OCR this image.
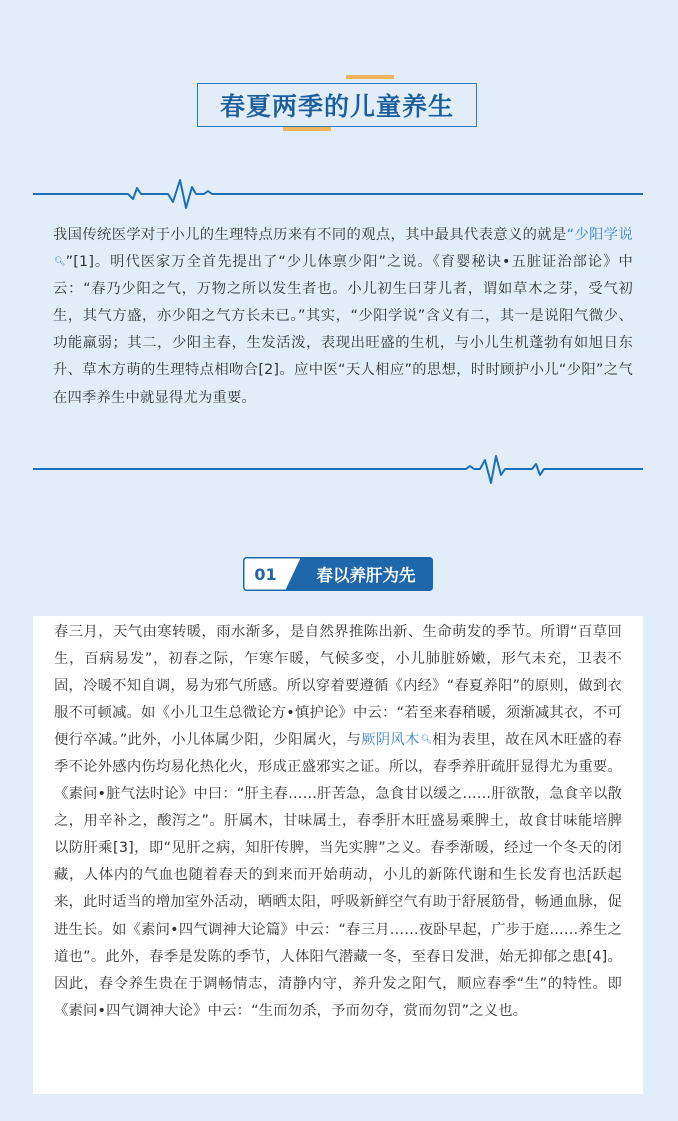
春夏两季的儿童养生

我国传统医学对于小儿的生理特点历来有不同的观点，其中最具代表意义的就是“少阳学说🔍︎”[1]。明代医家万全首先提出了“少儿体禀少阳”之说。《育婴秘诀•五脏证治部论》中云：“春乃少阳之气，万物之所以发生者也。小儿初生曰芽儿者，谓如草木之芽，受气初生，其气方盛，亦少阳之气方长未已。”其实，“少阳学说”含义有二，其一是说阳气微少、功能羸弱；其二，少阳主春，生发活泼，表现出旺盛的生机，与小儿生机蓬勃有如旭日东升、草木方萌的生理特点相吻合[2]。应中医“天人相应”的思想，时时顾护小儿“少阳”之气在四季养生中就显得尤为重要。

01	春以养肝为先

春三月，天气由寒转暖，雨水渐多，是自然界推陈出新、生命萌发的季节。所谓“百草回生，百病易发”，初春之际，乍寒乍暖，气候多变，小儿肺脏娇嫩，形气未充，卫表不固，冷暖不知自调，易为邪气所感。所以穿着要遵循《内经》“春夏养阳”的原则，做到衣服不可顿减。如《小儿卫生总微论方•慎护论》中云：“若至来春稍暖，须渐减其衣，不可便行卒减。”此外，小儿体属少阳，少阳属火，与厥阴风木🔍︎相为表里，故在风木旺盛的春季不论外感内伤均易化热化火，形成正盛邪实之证。所以，春季养肝疏肝显得尤为重要。《素问•脏气法时论》中曰：“肝主春……肝苦急，急食甘以缓之……肝欲散，急食辛以散之，用辛补之，酸泻之”。肝属木，甘味属土，春季肝木旺盛易乘脾土，故食甘味能培脾以防肝乘[3]，即“见肝之病，知肝传脾，当先实脾”之义。春季渐暖，经过一个冬天的闭藏，人体内的气血也随着春天的到来而开始萌动，小儿的新陈代谢和生长发育也活跃起来，此时适当的增加室外活动，晒晒太阳，呼吸新鲜空气有助于舒展筋骨，畅通血脉，促进生长。如《素问•四气调神大论篇》中云：“春三月……夜卧早起，广步于庭……养生之道也”。此外，春季是发陈的季节，人体阳气潜藏一冬，至春日发泄，始无抑郁之患[4]。因此，春令养生贵在于调畅情志，清静内守，养升发之阳气，顺应春季“生”的特性。即《素问•四气调神大论》中云：“生而勿杀，予而勿夺，赏而勿罚”之义也。
